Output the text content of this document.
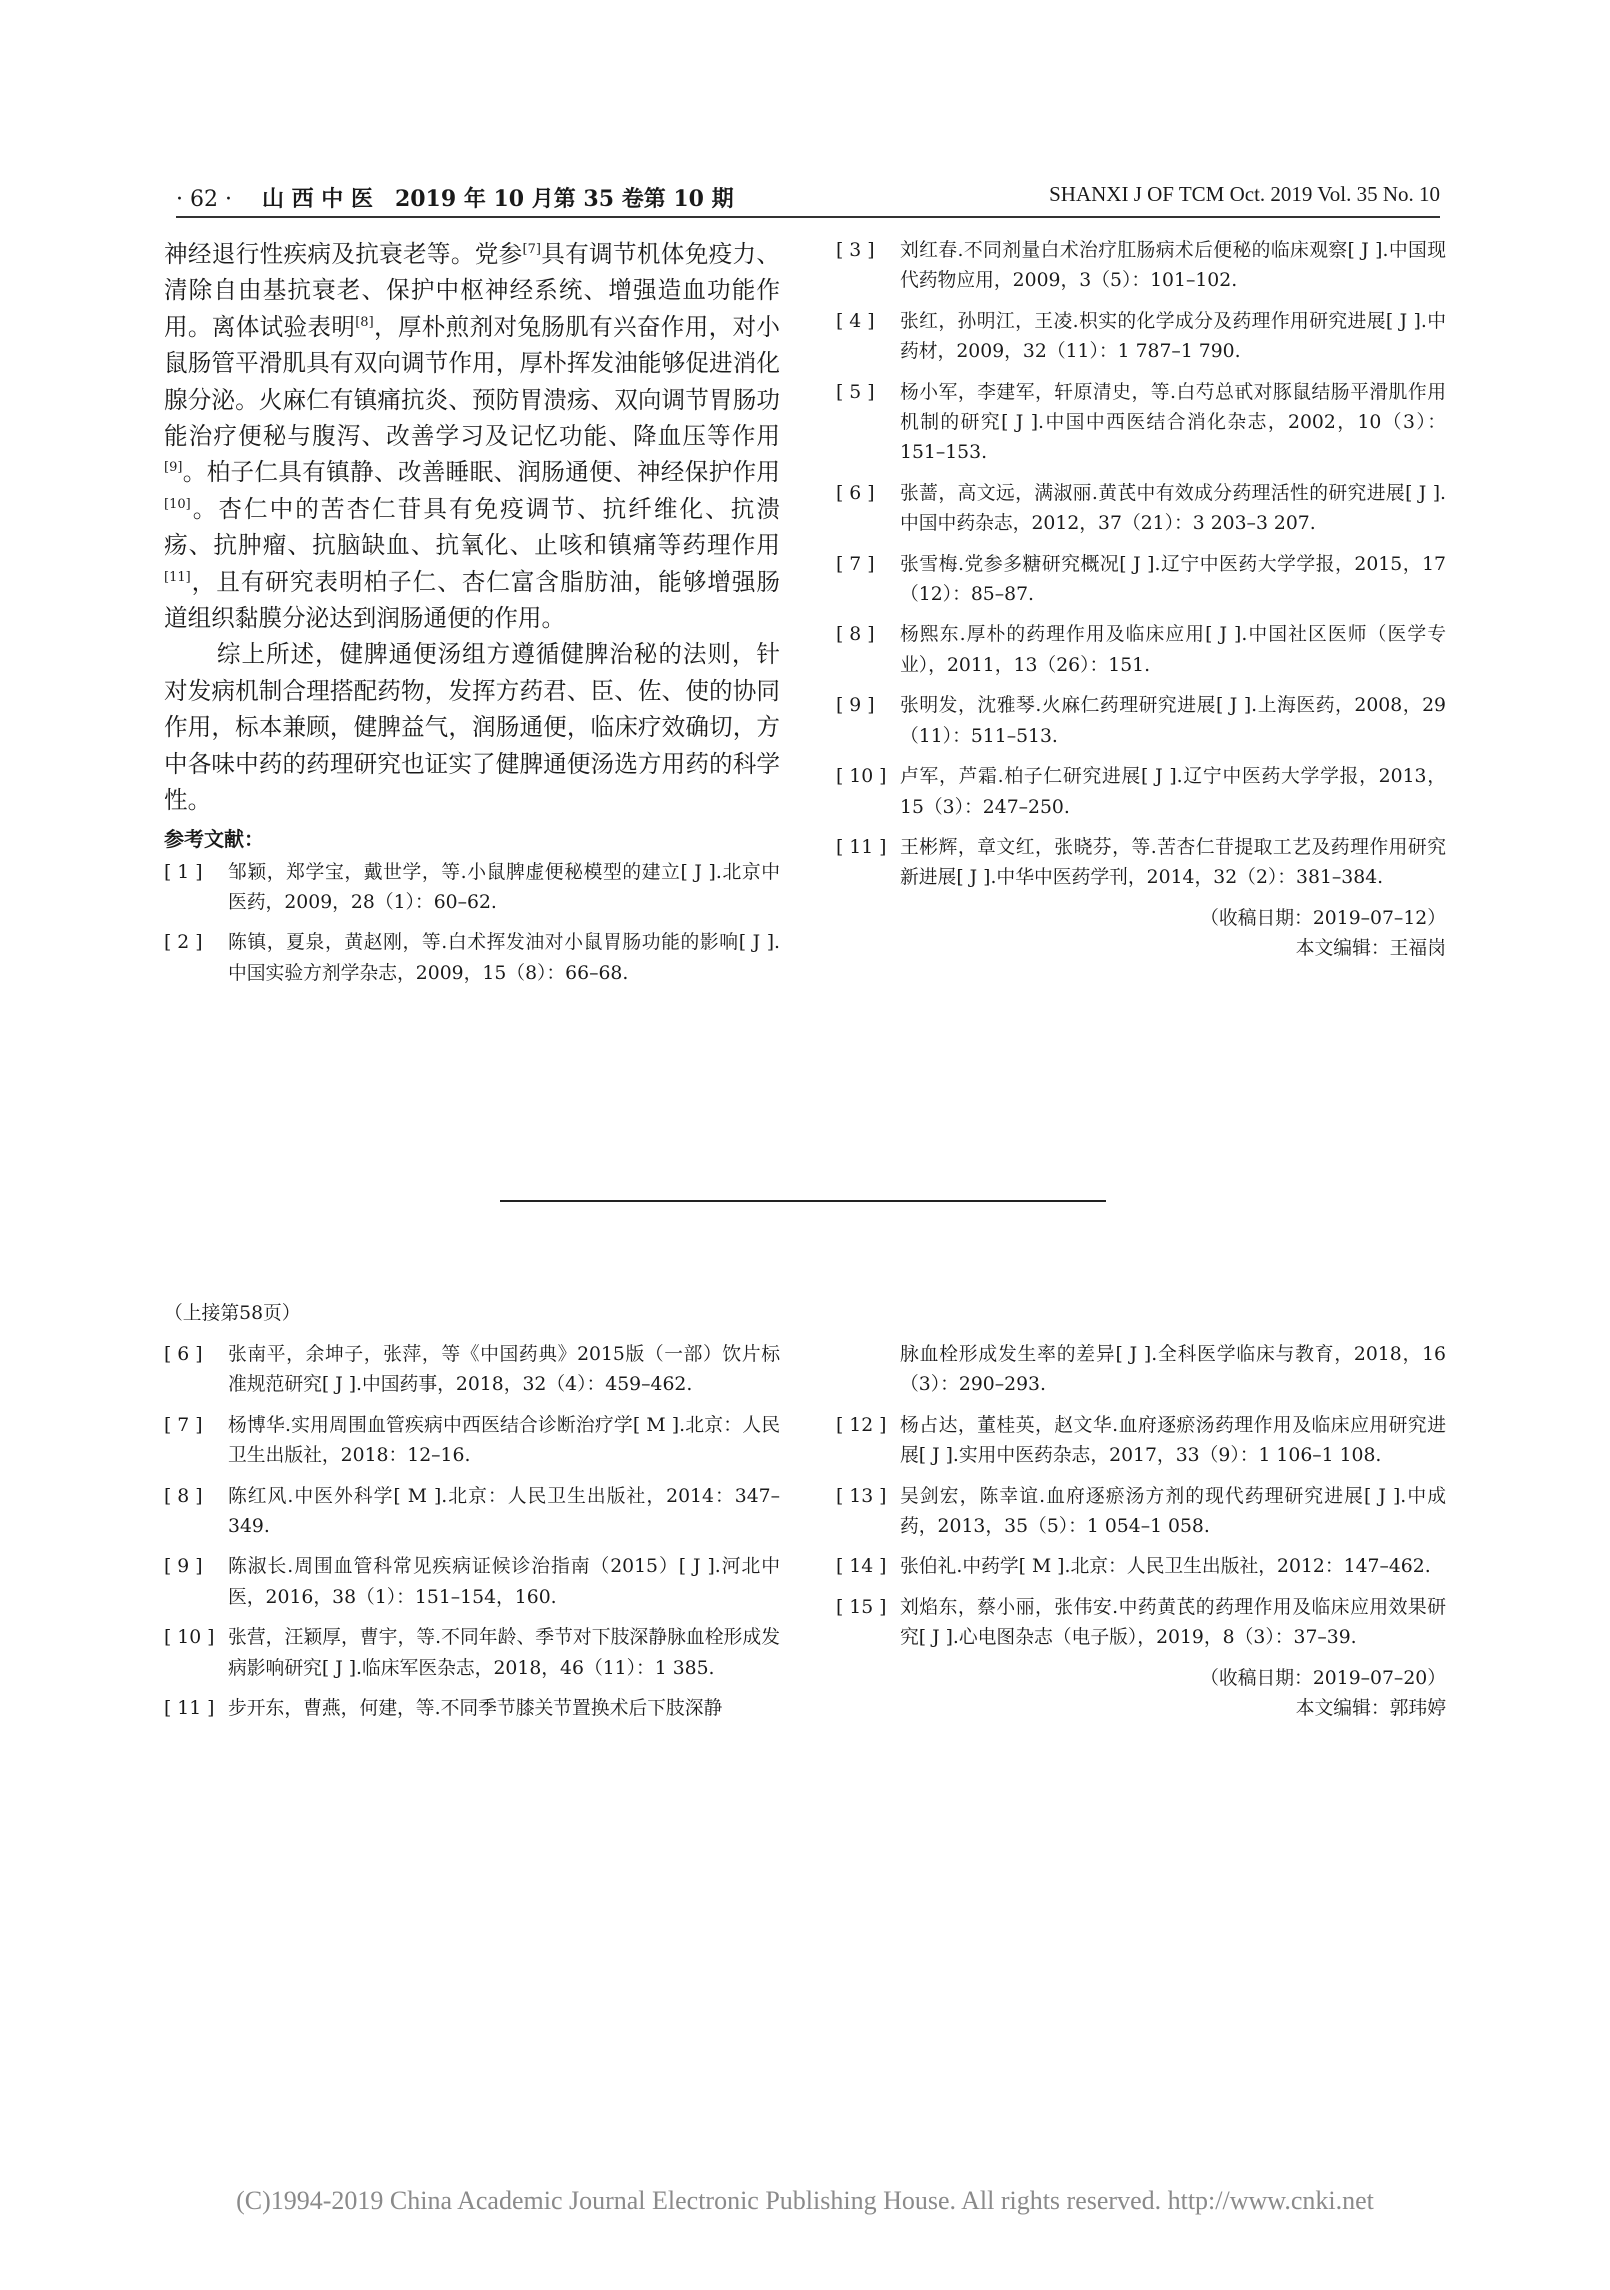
· 62 · 山 西 中 医　2019 年 10 月第 35 卷第 10 期	SHANXI J OF TCM Oct. 2019 Vol. 35 No. 10

神经退行性疾病及抗衰老等。党参[7]具有调节机体免疫力、清除自由基抗衰老、保护中枢神经系统、增强造血功能作用。离体试验表明[8]，厚朴煎剂对兔肠肌有兴奋作用，对小鼠肠管平滑肌具有双向调节作用，厚朴挥发油能够促进消化腺分泌。火麻仁有镇痛抗炎、预防胃溃疡、双向调节胃肠功能治疗便秘与腹泻、改善学习及记忆功能、降血压等作用[9]。柏子仁具有镇静、改善睡眠、润肠通便、神经保护作用[10]。杏仁中的苦杏仁苷具有免疫调节、抗纤维化、抗溃疡、抗肿瘤、抗脑缺血、抗氧化、止咳和镇痛等药理作用[11]，且有研究表明柏子仁、杏仁富含脂肪油，能够增强肠道组织黏膜分泌达到润肠通便的作用。

综上所述，健脾通便汤组方遵循健脾治秘的法则，针对发病机制合理搭配药物，发挥方药君、臣、佐、使的协同作用，标本兼顾，健脾益气，润肠通便，临床疗效确切，方中各味中药的药理研究也证实了健脾通便汤选方用药的科学性。

参考文献：
[ 1 ]	邹颖，郑学宝，戴世学，等.小鼠脾虚便秘模型的建立[ J ].北京中医药，2009，28（1）：60–62.
[ 2 ]	陈镇，夏泉，黄赵刚，等.白术挥发油对小鼠胃肠功能的影响[ J ].中国实验方剂学杂志，2009，15（8）：66–68.
[ 3 ]	刘红春.不同剂量白术治疗肛肠病术后便秘的临床观察[ J ].中国现代药物应用，2009，3（5）：101–102.
[ 4 ]	张红，孙明江，王凌.枳实的化学成分及药理作用研究进展[ J ].中药材，2009，32（11）：1 787–1 790.
[ 5 ]	杨小军，李建军，轩原清史，等.白芍总甙对豚鼠结肠平滑肌作用机制的研究[ J ].中国中西医结合消化杂志，2002，10（3）：151–153.
[ 6 ]	张蔷，高文远，满淑丽.黄芪中有效成分药理活性的研究进展[ J ].中国中药杂志，2012，37（21）：3 203–3 207.
[ 7 ]	张雪梅.党参多糖研究概况[ J ].辽宁中医药大学学报，2015，17（12）：85–87.
[ 8 ]	杨熙东.厚朴的药理作用及临床应用[ J ].中国社区医师（医学专业），2011，13（26）：151.
[ 9 ]	张明发，沈雅琴.火麻仁药理研究进展[ J ].上海医药，2008，29（11）：511–513.
[ 10 ] 卢军，芦霜.柏子仁研究进展[ J ].辽宁中医药大学学报，2013，15（3）：247–250.
[ 11 ] 王彬辉，章文红，张晓芬，等.苦杏仁苷提取工艺及药理作用研究新进展[ J ].中华中医药学刊，2014，32（2）：381–384.
（收稿日期：2019–07–12）
本文编辑：王福岗
（上接第58页）
[ 6 ]	张南平，余坤子，张萍，等《中国药典》2015版（一部）饮片标准规范研究[ J ].中国药事，2018，32（4）：459–462.
[ 7 ]	杨博华.实用周围血管疾病中西医结合诊断治疗学[ M ].北京：人民卫生出版社，2018：12–16.
[ 8 ]	陈红风.中医外科学[ M ].北京：人民卫生出版社，2014：347–349.
[ 9 ]	陈淑长.周围血管科常见疾病证候诊治指南（2015）[ J ].河北中医，2016，38（1）：151–154，160.
[ 10 ] 张营，汪颖厚，曹宇，等.不同年龄、季节对下肢深静脉血栓形成发病影响研究[ J ].临床军医杂志，2018，46（11）：1 385.
[ 11 ] 步开东，曹燕，何建，等.不同季节膝关节置换术后下肢深静
脉血栓形成发生率的差异[ J ].全科医学临床与教育，2018，16（3）：290–293.
[ 12 ] 杨占达，董桂英，赵文华.血府逐瘀汤药理作用及临床应用研究进展[ J ].实用中医药杂志，2017，33（9）：1 106–1 108.
[ 13 ] 吴剑宏，陈幸谊.血府逐瘀汤方剂的现代药理研究进展[ J ].中成药，2013，35（5）：1 054–1 058.
[ 14 ] 张伯礼.中药学[ M ].北京：人民卫生出版社，2012：147–462.
[ 15 ] 刘焰东，蔡小丽，张伟安.中药黄芪的药理作用及临床应用效果研究[ J ].心电图杂志（电子版），2019，8（3）：37–39.
（收稿日期：2019–07–20）
本文编辑：郭玮婷
(C)1994-2019 China Academic Journal Electronic Publishing House. All rights reserved. http://www.cnki.net
